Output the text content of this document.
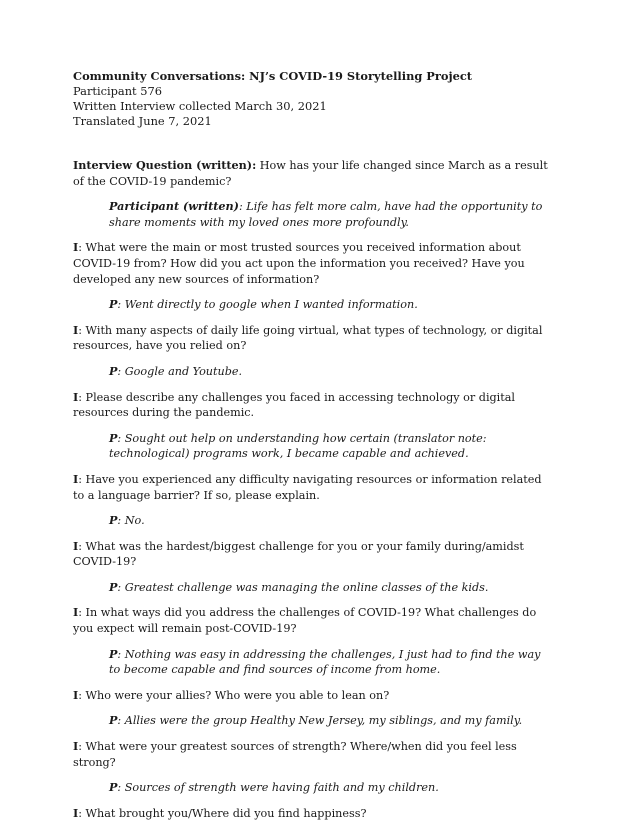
Community Conversations: NJ’s COVID-19 Storytelling Project
Participant 576
Written Interview collected March 30, 2021
Translated June 7, 2021

Interview Question (written): How has your life changed since March as a result of the COVID-19 pandemic?

Participant (written): Life has felt more calm, have had the opportunity to share moments with my loved ones more profoundly.

I: What were the main or most trusted sources you received information about COVID-19 from? How did you act upon the information you received? Have you developed any new sources of information?

P: Went directly to google when I wanted information.

I: With many aspects of daily life going virtual, what types of technology, or digital resources, have you relied on?

P: Google and Youtube.

I: Please describe any challenges you faced in accessing technology or digital resources during the pandemic.

P: Sought out help on understanding how certain (translator note: technological) programs work, I became capable and achieved.

I: Have you experienced any difficulty navigating resources or information related to a language barrier? If so, please explain.

P: No.

I: What was the hardest/biggest challenge for you or your family during/amidst COVID-19?

P: Greatest challenge was managing the online classes of the kids.

I: In what ways did you address the challenges of COVID-19? What challenges do you expect will remain post-COVID-19?

P: Nothing was easy in addressing the challenges, I just had to find the way to become capable and find sources of income from home.

I: Who were your allies? Who were you able to lean on?

P: Allies were the group Healthy New Jersey, my siblings, and my family.

I: What were your greatest sources of strength? Where/when did you feel less strong?

P: Sources of strength were having faith and my children.

I: What brought you/Where did you find happiness?
